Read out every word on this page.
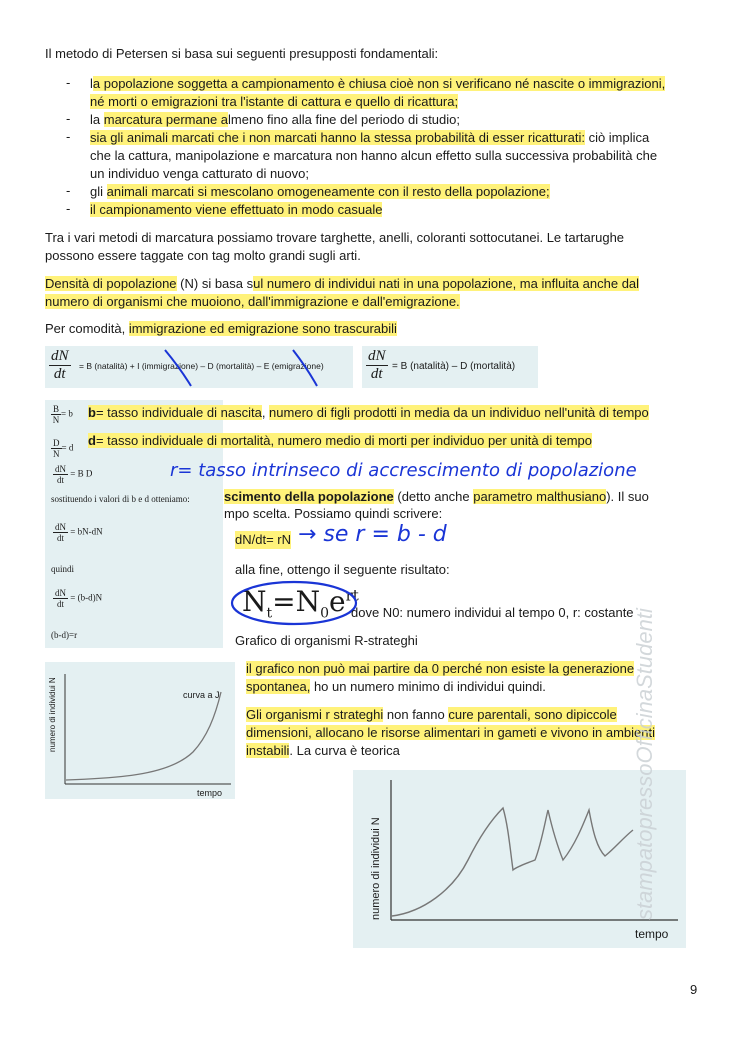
Il metodo di Petersen si basa sui seguenti presupposti fondamentali:
- la popolazione soggetta a campionamento è chiusa cioè non si verificano né nascite o immigrazioni,
né morti o emigrazioni tra l'istante di cattura e quello di ricattura;
- la marcatura permane almeno fino alla fine del periodo di studio;
- sia gli animali marcati che i non marcati hanno la stessa probabilità di esser ricatturati: ciò implica
che la cattura, manipolazione e marcatura non hanno alcun effetto sulla successiva probabilità che
un individuo venga catturato di nuovo;
- gli animali marcati si mescolano omogeneamente con il resto della popolazione;
- il campionamento viene effettuato in modo casuale
Tra i vari metodi di marcatura possiamo trovare targhette, anelli, coloranti sottocutanei. Le tartarughe
possono essere taggate con tag molto grandi sugli arti.
Densità di popolazione (N) si basa sul numero di individui nati in una popolazione, ma influita anche dal
numero di organismi che muoiono, dall'immigrazione e dall'emigrazione.
Per comodità, immigrazione ed emigrazione sono trascurabili
$\frac{dN}{dt} = B$ (natalità) + I (immigrazione) – D (mortalità) – E (emigrazione)	$\frac{dN}{dt} = B$ (natalità) – D (mortalità)
$\frac{B}{N} = b$
$\frac{D}{N} = d$
$\frac{dN}{dt} = B$ D
sostituendo i valori di b e d otteniamo:
$\frac{dN}{dt} = bN-dN$
quindi
$\frac{dN}{dt} = (b-d)N$
(b-d)=r
b= tasso individuale di nascita, numero di figli prodotti in media da un individuo nell'unità di tempo
d= tasso individuale di mortalità, numero medio di morti per individuo per unità di tempo
r= tasso intrinseco di accrescimento di popolazione
scimento della popolazione (detto anche parametro malthusiano). Il suo
mpo scelta. Possiamo quindi scrivere:
dN/dt= rN → se r = b - d
alla fine, ottengo il seguente risultato:
$N_t=N_0e^{rt}$
dove N0: numero individui al tempo 0, r: costante
Grafico di organismi R-strateghi
il grafico non può mai partire da 0 perché non esiste la generazione
spontanea, ho un numero minimo di individui quindi.
Gli organismi r strateghi non fanno cure parentali, sono dipiccole
dimensioni, allocano le risorse alimentari in gameti e vivono in ambienti
instabili. La curva è teorica
numero di individui N	curva a J
tempo
numero di individui N
tempo
stampatopressoOfficinaStudenti
9
